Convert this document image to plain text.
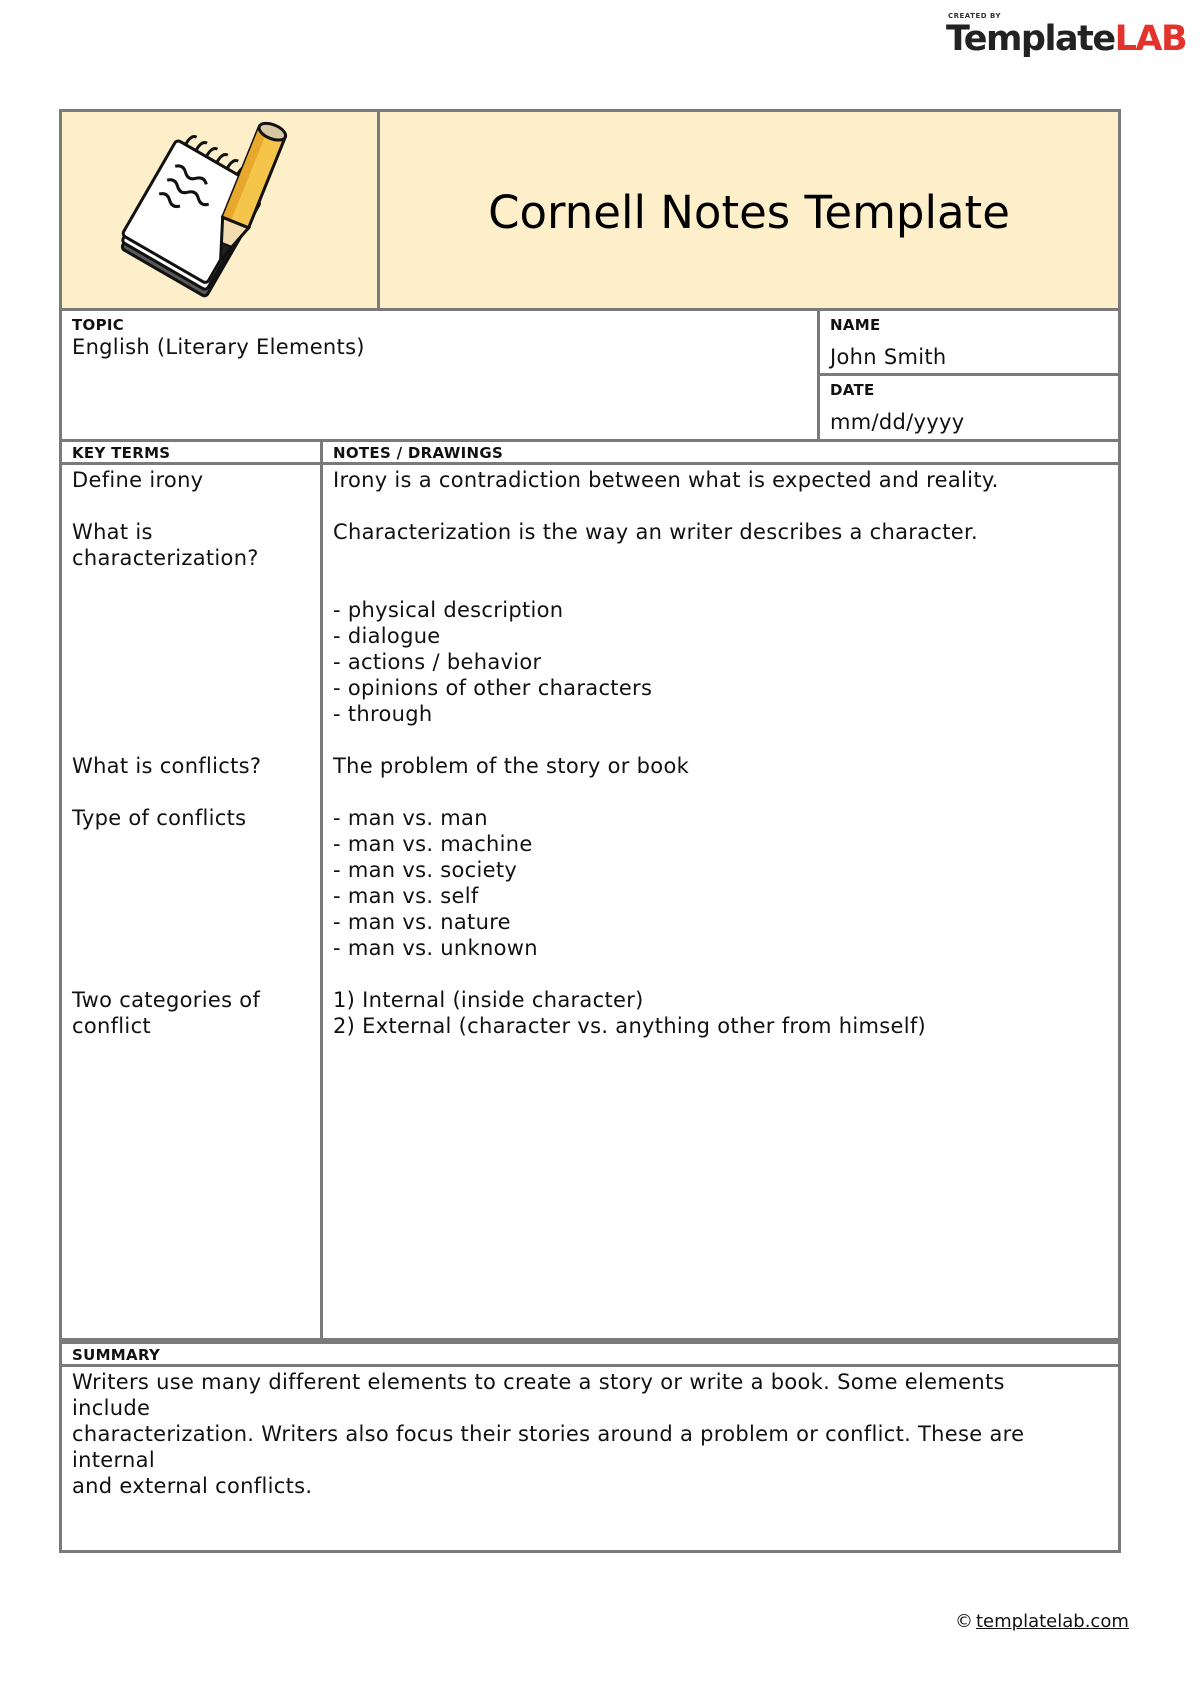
CREATED BY
TemplateLAB
Cornell Notes Template
TOPIC
English (Literary Elements)
NAME
John Smith
DATE
mm/dd/yyyy
KEY TERMS	NOTES / DRAWINGS
Define irony
What is
characterization?
What is conflicts?
Type of conflicts
Two categories of
conflict
Irony is a contradiction between what is expected and reality.
Characterization is the way an writer describes a character.
- physical description
- dialogue
- actions / behavior
- opinions of other characters
- through
The problem of the story or book
- man vs. man
- man vs. machine
- man vs. society
- man vs. self
- man vs. nature
- man vs. unknown
1) Internal (inside character)
2) External (character vs. anything other from himself)
SUMMARY
Writers use many different elements to create a story or write a book. Some elements
include
characterization. Writers also focus their stories around a problem or conflict. These are
internal
and external conflicts.
© templatelab.com
